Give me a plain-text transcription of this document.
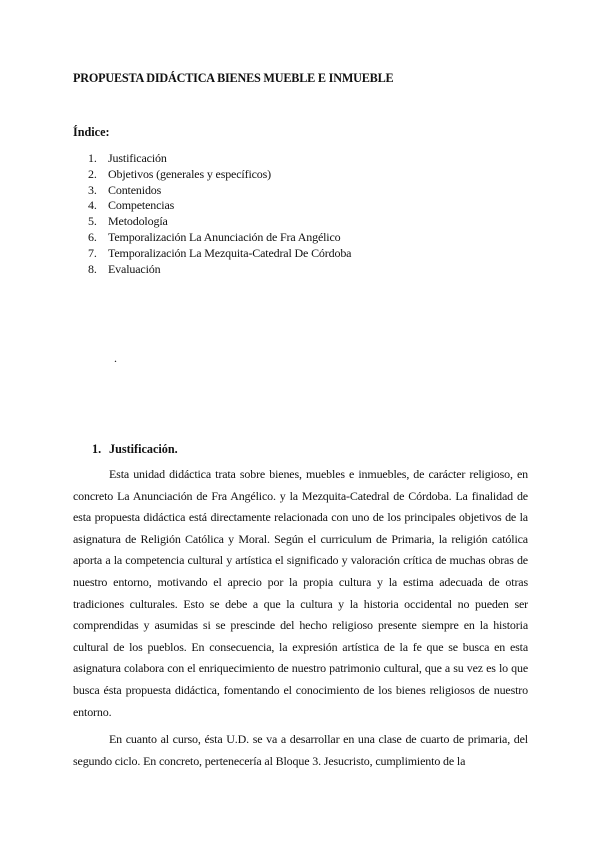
PROPUESTA DIDÁCTICA BIENES MUEBLE E INMUEBLE
Índice:
1. Justificación
2. Objetivos (generales y específicos)
3. Contenidos
4. Competencias
5. Metodología
6. Temporalización La Anunciación de Fra Angélico
7. Temporalización La Mezquita-Catedral De Córdoba
8. Evaluación
.
1. Justificación.

Esta unidad didáctica trata sobre bienes, muebles e inmuebles, de carácter religioso, en concreto La Anunciación de Fra Angélico. y la Mezquita-Catedral de Córdoba. La finalidad de esta propuesta didáctica está directamente relacionada con uno de los principales objetivos de la asignatura de Religión Católica y Moral. Según el curriculum de Primaria, la religión católica aporta a la competencia cultural y artística el significado y valoración crítica de muchas obras de nuestro entorno, motivando el aprecio por la propia cultura y la estima adecuada de otras tradiciones culturales. Esto se debe a que la cultura y la historia occidental no pueden ser comprendidas y asumidas si se prescinde del hecho religioso presente siempre en la historia cultural de los pueblos. En consecuencia, la expresión artística de la fe que se busca en esta asignatura colabora con el enriquecimiento de nuestro patrimonio cultural, que a su vez es lo que busca ésta propuesta didáctica, fomentando el conocimiento de los bienes religiosos de nuestro entorno.

En cuanto al curso, ésta U.D. se va a desarrollar en una clase de cuarto de primaria, del segundo ciclo. En concreto, pertenecería al Bloque 3. Jesucristo, cumplimiento de la
